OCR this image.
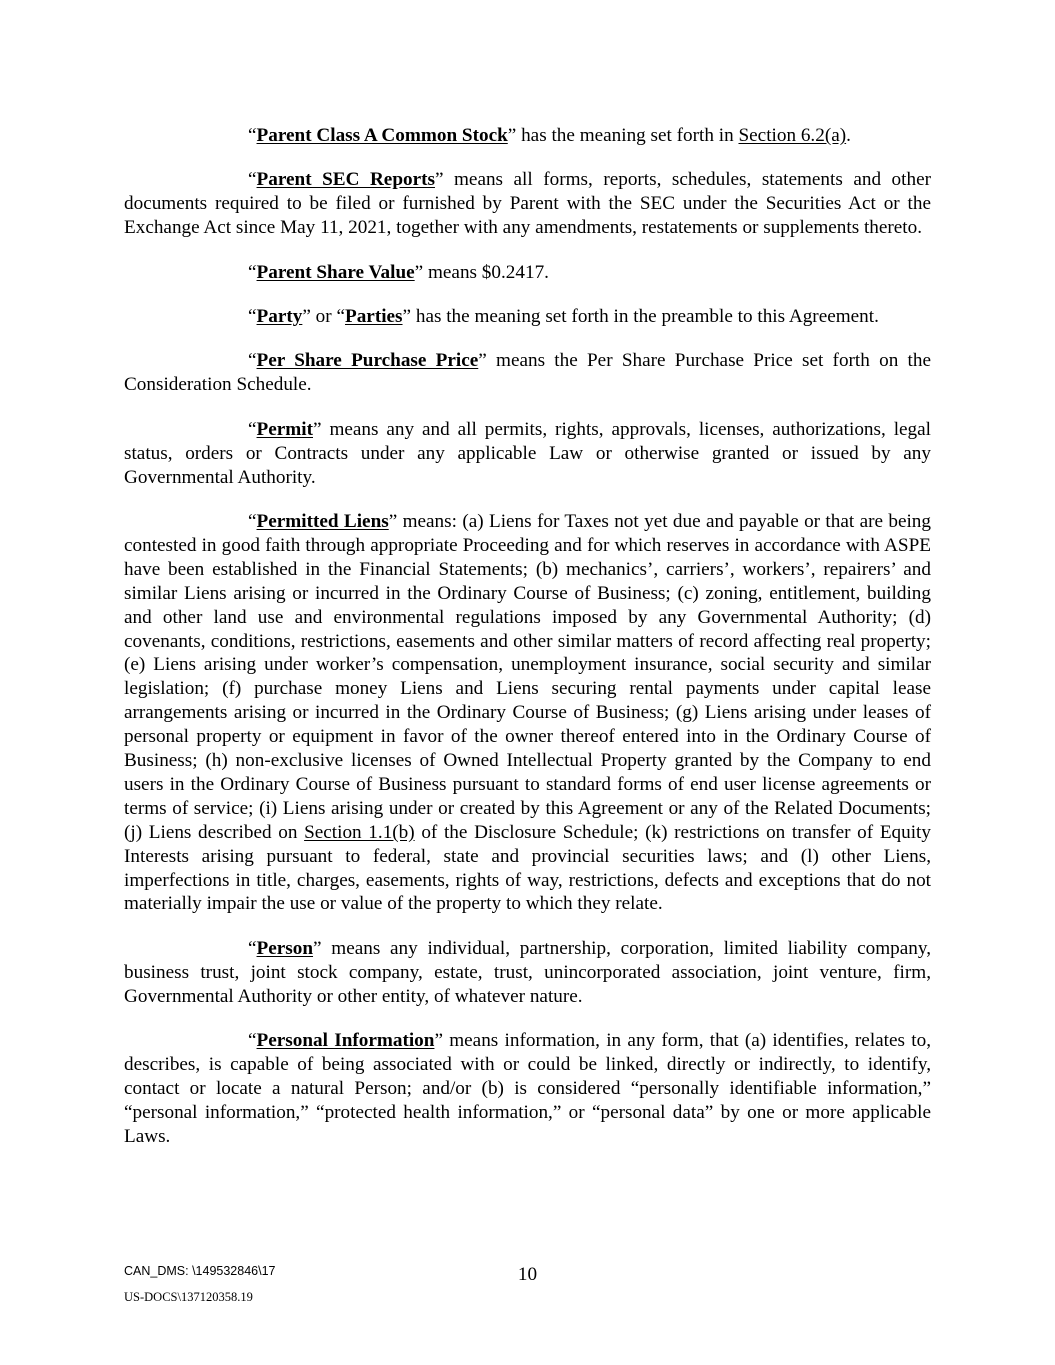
“Parent Class A Common Stock” has the meaning set forth in Section 6.2(a).

“Parent SEC Reports” means all forms, reports, schedules, statements and other documents required to be filed or furnished by Parent with the SEC under the Securities Act or the Exchange Act since May 11, 2021, together with any amendments, restatements or supplements thereto.

“Parent Share Value” means $0.2417.

“Party” or “Parties” has the meaning set forth in the preamble to this Agreement.

“Per Share Purchase Price” means the Per Share Purchase Price set forth on the Consideration Schedule.

“Permit” means any and all permits, rights, approvals, licenses, authorizations, legal status, orders or Contracts under any applicable Law or otherwise granted or issued by any Governmental Authority.

“Permitted Liens” means: (a) Liens for Taxes not yet due and payable or that are being contested in good faith through appropriate Proceeding and for which reserves in accordance with ASPE have been established in the Financial Statements; (b) mechanics’, carriers’, workers’, repairers’ and similar Liens arising or incurred in the Ordinary Course of Business; (c) zoning, entitlement, building and other land use and environmental regulations imposed by any Governmental Authority; (d) covenants, conditions, restrictions, easements and other similar matters of record affecting real property; (e) Liens arising under worker’s compensation, unemployment insurance, social security and similar legislation; (f) purchase money Liens and Liens securing rental payments under capital lease arrangements arising or incurred in the Ordinary Course of Business; (g) Liens arising under leases of personal property or equipment in favor of the owner thereof entered into in the Ordinary Course of Business; (h) non-exclusive licenses of Owned Intellectual Property granted by the Company to end users in the Ordinary Course of Business pursuant to standard forms of end user license agreements or terms of service; (i) Liens arising under or created by this Agreement or any of the Related Documents; (j) Liens described on Section 1.1(b) of the Disclosure Schedule; (k) restrictions on transfer of Equity Interests arising pursuant to federal, state and provincial securities laws; and (l) other Liens, imperfections in title, charges, easements, rights of way, restrictions, defects and exceptions that do not materially impair the use or value of the property to which they relate.

“Person” means any individual, partnership, corporation, limited liability company, business trust, joint stock company, estate, trust, unincorporated association, joint venture, firm, Governmental Authority or other entity, of whatever nature.

“Personal Information” means information, in any form, that (a) identifies, relates to, describes, is capable of being associated with or could be linked, directly or indirectly, to identify, contact or locate a natural Person; and/or (b) is considered “personally identifiable information,” “personal information,” “protected health information,” or “personal data” by one or more applicable Laws.

CAN_DMS: \149532846\17	10
US-DOCS\137120358.19
